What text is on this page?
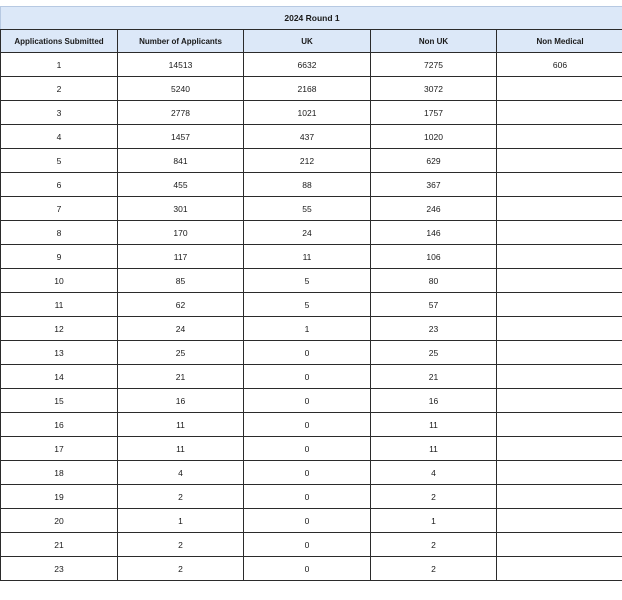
2024 Round 1				
Applications Submitted	Number of Applicants	UK	Non UK	Non Medical
1	14513	6632	7275	606
2	5240	2168	3072	
3	2778	1021	1757	
4	1457	437	1020	
5	841	212	629	
6	455	88	367	
7	301	55	246	
8	170	24	146	
9	117	11	106	
10	85	5	80	
11	62	5	57	
12	24	1	23	
13	25	0	25	
14	21	0	21	
15	16	0	16	
16	11	0	11	
17	11	0	11	
18	4	0	4	
19	2	0	2	
20	1	0	1	
21	2	0	2	
23	2	0	2	
